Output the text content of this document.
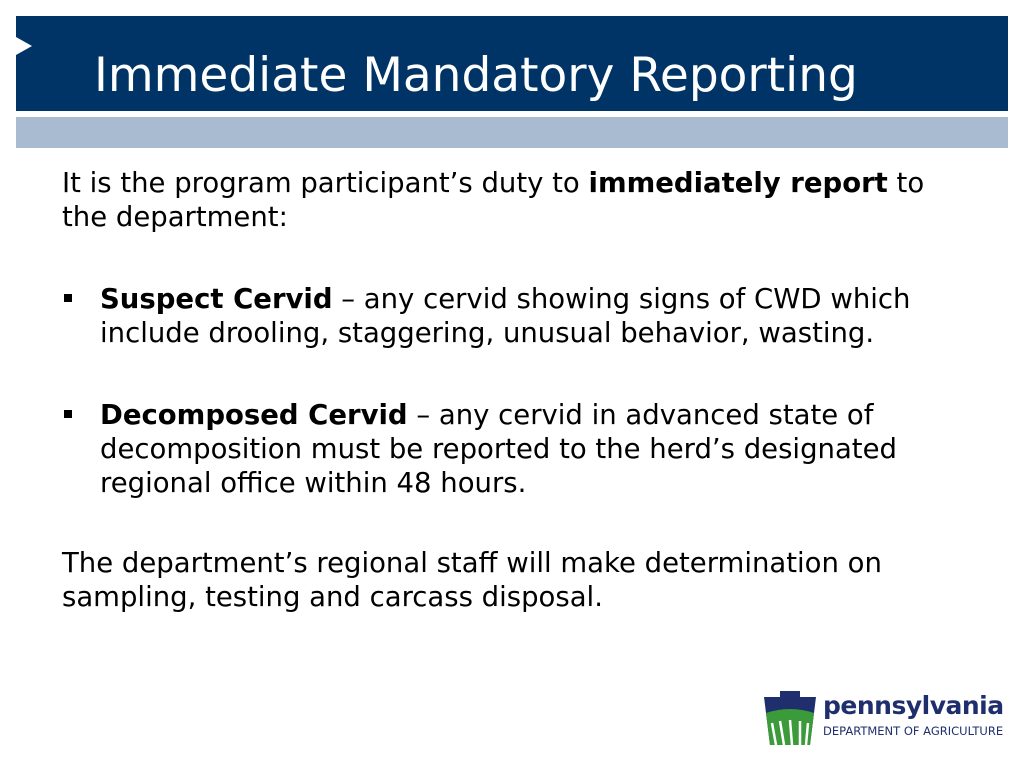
Immediate Mandatory Reporting

It is the program participant’s duty to immediately report to the department:

Suspect Cervid – any cervid showing signs of CWD which include drooling, staggering, unusual behavior, wasting.

Decomposed Cervid – any cervid in advanced state of decomposition must be reported to the herd’s designated regional office within 48 hours.

The department’s regional staff will make determination on sampling, testing and carcass disposal.

pennsylvania
DEPARTMENT OF AGRICULTURE
